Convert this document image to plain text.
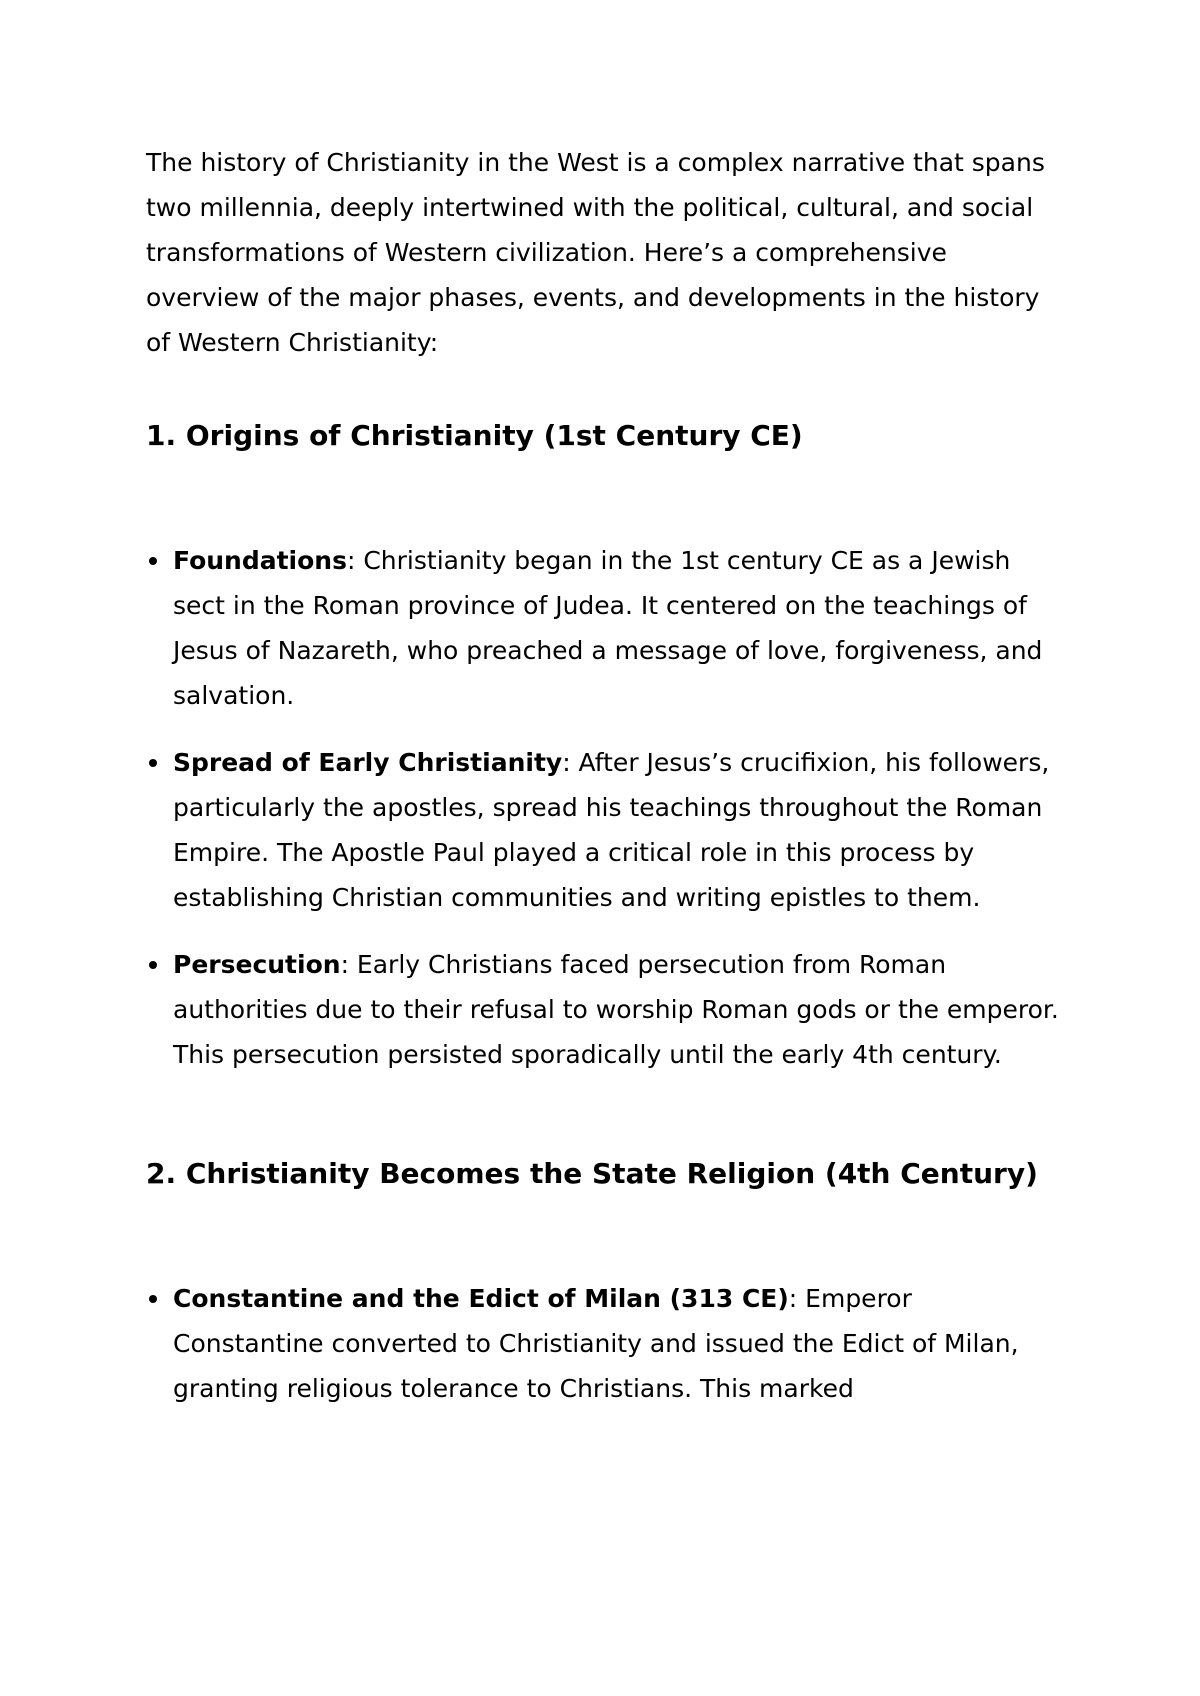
The history of Christianity in the West is a complex narrative that spans two millennia, deeply intertwined with the political, cultural, and social transformations of Western civilization. Here’s a comprehensive overview of the major phases, events, and developments in the history of Western Christianity:

1. Origins of Christianity (1st Century CE)
Foundations: Christianity began in the 1st century CE as a Jewish sect in the Roman province of Judea. It centered on the teachings of Jesus of Nazareth, who preached a message of love, forgiveness, and salvation.
Spread of Early Christianity: After Jesus’s crucifixion, his followers, particularly the apostles, spread his teachings throughout the Roman Empire. The Apostle Paul played a critical role in this process by establishing Christian communities and writing epistles to them.
Persecution: Early Christians faced persecution from Roman authorities due to their refusal to worship Roman gods or the emperor. This persecution persisted sporadically until the early 4th century.
2. Christianity Becomes the State Religion (4th Century)
Constantine and the Edict of Milan (313 CE): Emperor Constantine converted to Christianity and issued the Edict of Milan, granting religious tolerance to Christians. This marked
